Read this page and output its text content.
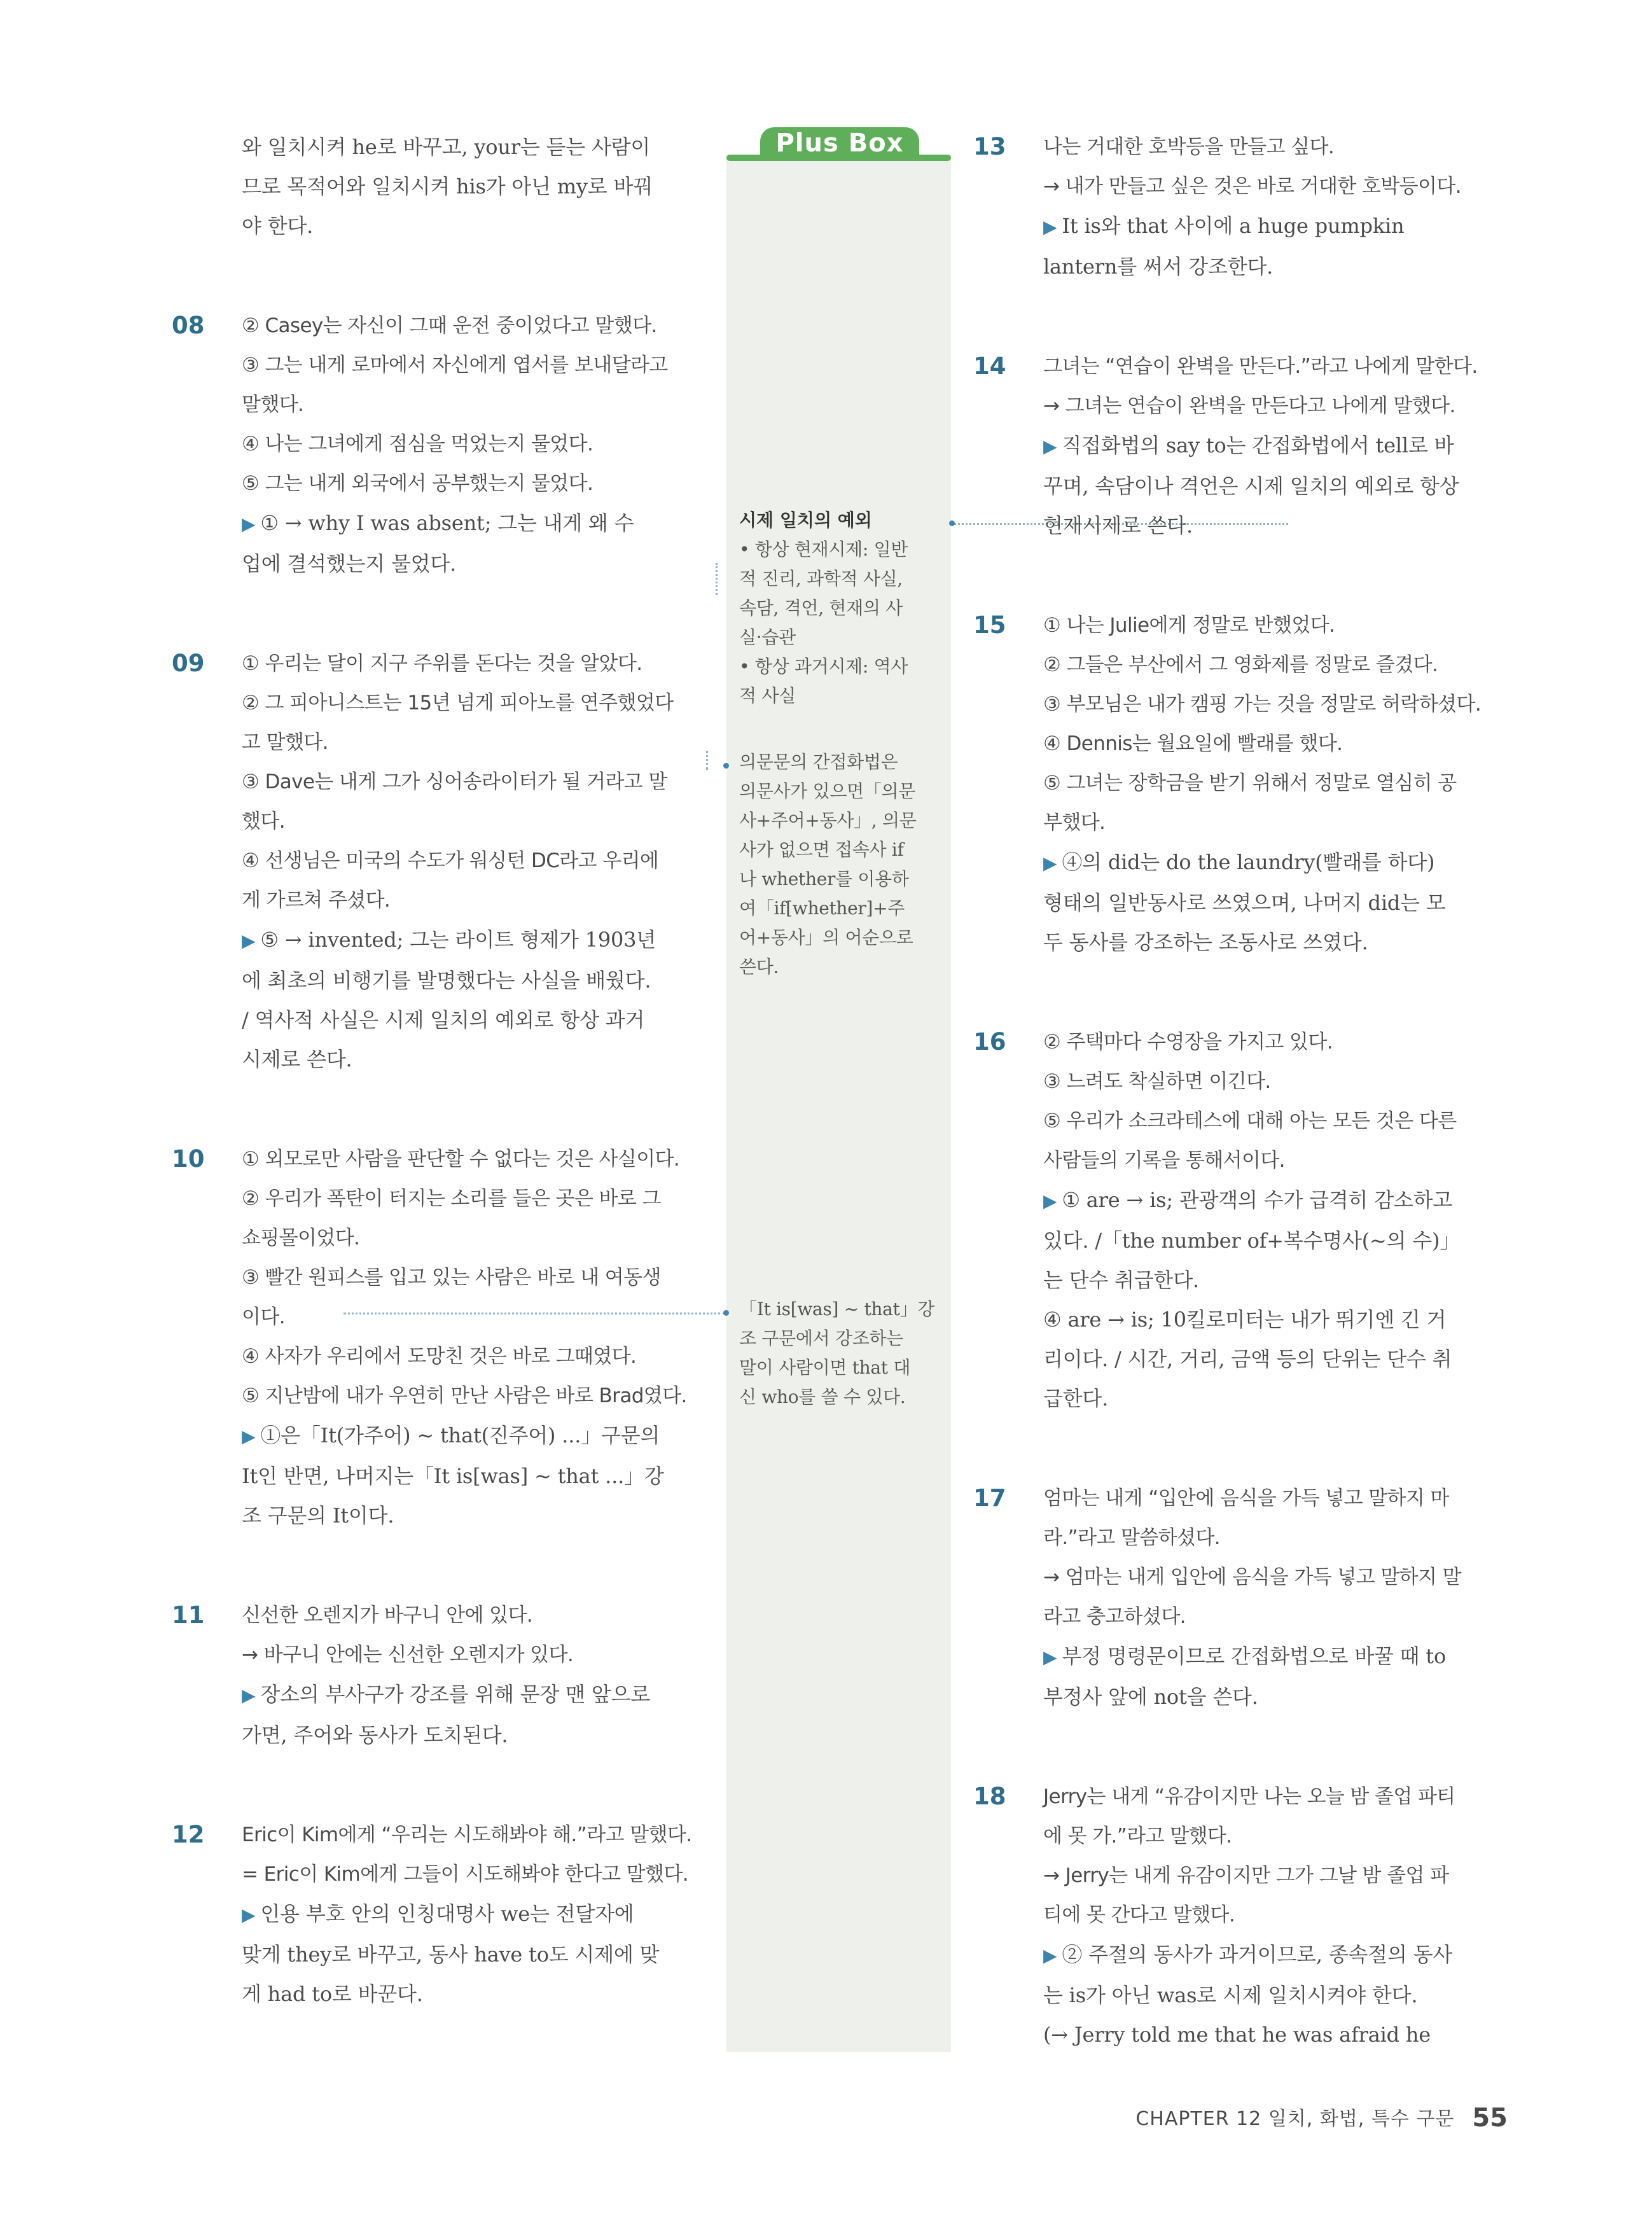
Plus Box
시제 일치의 예외
• 항상 현재시제: 일반
적 진리, 과학적 사실,
속담, 격언, 현재의 사
실·습관
• 항상 과거시제: 역사
적 사실
의문문의 간접화법은
의문사가 있으면「의문
사+주어+동사」, 의문
사가 없으면 접속사 if
나 whether를 이용하
여「if[whether]+주
어+동사」의 어순으로
쓴다.
「It is[was] ~ that」강
조 구문에서 강조하는
말이 사람이면 that 대
신 who를 쓸 수 있다.
와 일치시켜 he로 바꾸고, your는 듣는 사람이
므로 목적어와 일치시켜 his가 아닌 my로 바꿔
야 한다.
08 ② Casey는 자신이 그때 운전 중이었다고 말했다.
③ 그는 내게 로마에서 자신에게 엽서를 보내달라고
말했다.
④ 나는 그녀에게 점심을 먹었는지 물었다.
⑤ 그는 내게 외국에서 공부했는지 물었다.
▶ ① → why I was absent; 그는 내게 왜 수
업에 결석했는지 물었다.
09 ① 우리는 달이 지구 주위를 돈다는 것을 알았다.
② 그 피아니스트는 15년 넘게 피아노를 연주했었다
고 말했다.
③ Dave는 내게 그가 싱어송라이터가 될 거라고 말
했다.
④ 선생님은 미국의 수도가 워싱턴 DC라고 우리에
게 가르쳐 주셨다.
▶ ⑤ → invented; 그는 라이트 형제가 1903년
에 최초의 비행기를 발명했다는 사실을 배웠다.
/ 역사적 사실은 시제 일치의 예외로 항상 과거
시제로 쓴다.
10 ① 외모로만 사람을 판단할 수 없다는 것은 사실이다.
② 우리가 폭탄이 터지는 소리를 들은 곳은 바로 그
쇼핑몰이었다.
③ 빨간 원피스를 입고 있는 사람은 바로 내 여동생
이다.
④ 사자가 우리에서 도망친 것은 바로 그때였다.
⑤ 지난밤에 내가 우연히 만난 사람은 바로 Brad였다.
▶ ①은「It(가주어) ~ that(진주어) ...」구문의
It인 반면, 나머지는「It is[was] ~ that ...」강
조 구문의 It이다.
11 신선한 오렌지가 바구니 안에 있다.
→ 바구니 안에는 신선한 오렌지가 있다.
▶ 장소의 부사구가 강조를 위해 문장 맨 앞으로
가면, 주어와 동사가 도치된다.
12 Eric이 Kim에게 “우리는 시도해봐야 해.”라고 말했다.
= Eric이 Kim에게 그들이 시도해봐야 한다고 말했다.
▶ 인용 부호 안의 인칭대명사 we는 전달자에
맞게 they로 바꾸고, 동사 have to도 시제에 맞
게 had to로 바꾼다.
13 나는 거대한 호박등을 만들고 싶다.
→ 내가 만들고 싶은 것은 바로 거대한 호박등이다.
▶ It is와 that 사이에 a huge pumpkin
lantern를 써서 강조한다.
14 그녀는 “연습이 완벽을 만든다.”라고 나에게 말한다.
→ 그녀는 연습이 완벽을 만든다고 나에게 말했다.
▶ 직접화법의 say to는 간접화법에서 tell로 바
꾸며, 속담이나 격언은 시제 일치의 예외로 항상
현재시제로 쓴다.
15 ① 나는 Julie에게 정말로 반했었다.
② 그들은 부산에서 그 영화제를 정말로 즐겼다.
③ 부모님은 내가 캠핑 가는 것을 정말로 허락하셨다.
④ Dennis는 월요일에 빨래를 했다.
⑤ 그녀는 장학금을 받기 위해서 정말로 열심히 공
부했다.
▶ ④의 did는 do the laundry(빨래를 하다)
형태의 일반동사로 쓰였으며, 나머지 did는 모
두 동사를 강조하는 조동사로 쓰였다.
16 ② 주택마다 수영장을 가지고 있다.
③ 느려도 착실하면 이긴다.
⑤ 우리가 소크라테스에 대해 아는 모든 것은 다른
사람들의 기록을 통해서이다.
▶ ① are → is; 관광객의 수가 급격히 감소하고
있다. /「the number of+복수명사(~의 수)」
는 단수 취급한다.
④ are → is; 10킬로미터는 내가 뛰기엔 긴 거
리이다. / 시간, 거리, 금액 등의 단위는 단수 취
급한다.
17 엄마는 내게 “입안에 음식을 가득 넣고 말하지 마
라.”라고 말씀하셨다.
→ 엄마는 내게 입안에 음식을 가득 넣고 말하지 말
라고 충고하셨다.
▶ 부정 명령문이므로 간접화법으로 바꿀 때 to
부정사 앞에 not을 쓴다.
18 Jerry는 내게 “유감이지만 나는 오늘 밤 졸업 파티
에 못 가.”라고 말했다.
→ Jerry는 내게 유감이지만 그가 그날 밤 졸업 파
티에 못 간다고 말했다.
▶ ② 주절의 동사가 과거이므로, 종속절의 동사
는 is가 아닌 was로 시제 일치시켜야 한다.
(→ Jerry told me that he was afraid he
CHAPTER 12 일치, 화법, 특수 구문 55
